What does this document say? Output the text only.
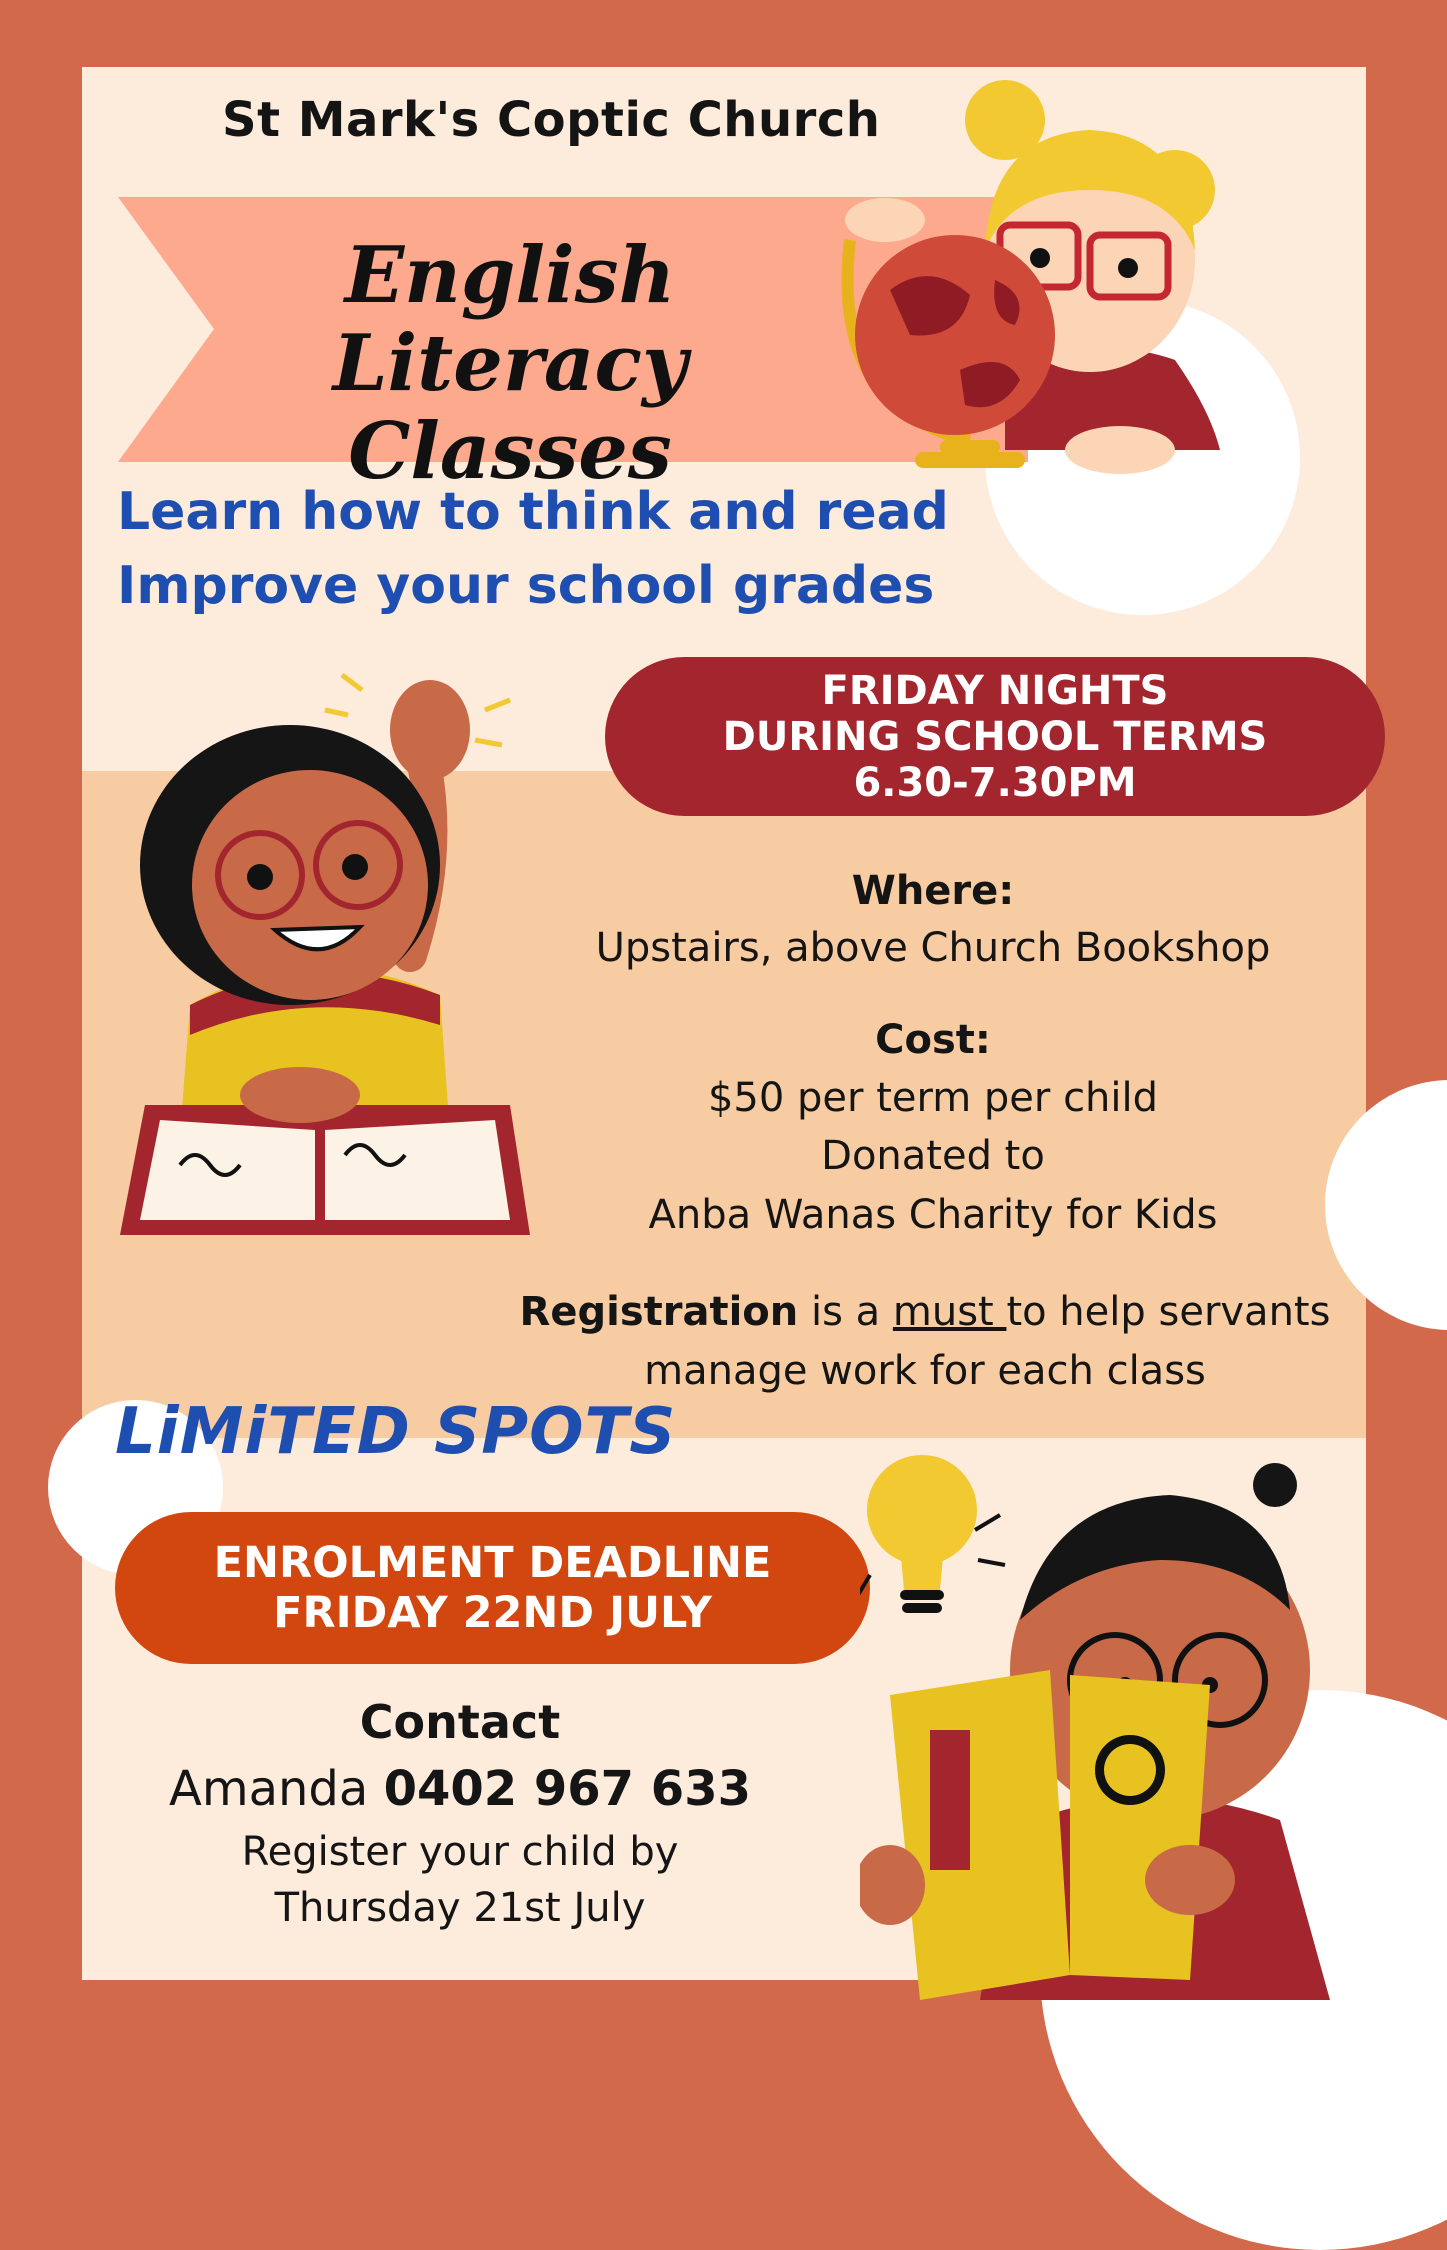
St Mark's Coptic Church
English Literacy
Classes
Learn how to think and read
Improve your school grades
FRIDAY NIGHTS
DURING SCHOOL TERMS
6.30-7.30PM
Where:
Upstairs, above Church Bookshop
Cost:
$50 per term per child
Donated to
Anba Wanas Charity for Kids
Registration is a must to help servants
manage work for each class
LiMiTED SPOTS
ENROLMENT DEADLINE
FRIDAY 22ND JULY
Contact
Amanda 0402 967 633
Register your child by
Thursday 21st July
